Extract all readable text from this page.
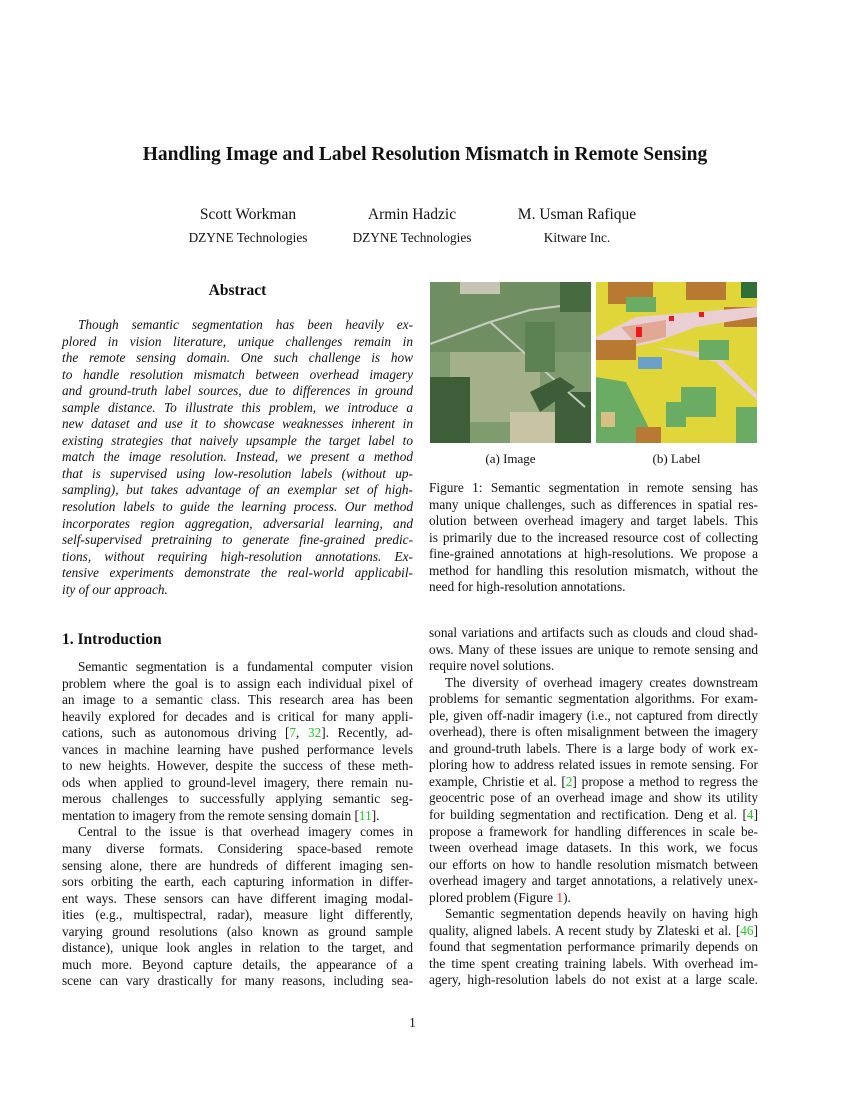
Handling Image and Label Resolution Mismatch in Remote Sensing
Scott Workman
DZYNE Technologies
Armin Hadzic
DZYNE Technologies
M. Usman Rafique
Kitware Inc.
Abstract
Though semantic segmentation has been heavily ex-
plored in vision literature, unique challenges remain in
the remote sensing domain. One such challenge is how
to handle resolution mismatch between overhead imagery
and ground-truth label sources, due to differences in ground
sample distance. To illustrate this problem, we introduce a
new dataset and use it to showcase weaknesses inherent in
existing strategies that naively upsample the target label to
match the image resolution. Instead, we present a method
that is supervised using low-resolution labels (without up-
sampling), but takes advantage of an exemplar set of high-
resolution labels to guide the learning process. Our method
incorporates region aggregation, adversarial learning, and
self-supervised pretraining to generate fine-grained predic-
tions, without requiring high-resolution annotations. Ex-
tensive experiments demonstrate the real-world applicabil-
ity of our approach.
(a) Image	(b) Label
Figure 1: Semantic segmentation in remote sensing has
many unique challenges, such as differences in spatial res-
olution between overhead imagery and target labels. This
is primarily due to the increased resource cost of collecting
fine-grained annotations at high-resolutions. We propose a
method for handling this resolution mismatch, without the
need for high-resolution annotations.
1. Introduction
Semantic segmentation is a fundamental computer vision
problem where the goal is to assign each individual pixel of
an image to a semantic class. This research area has been
heavily explored for decades and is critical for many appli-
cations, such as autonomous driving [7, 32]. Recently, ad-
vances in machine learning have pushed performance levels
to new heights. However, despite the success of these meth-
ods when applied to ground-level imagery, there remain nu-
merous challenges to successfully applying semantic seg-
mentation to imagery from the remote sensing domain [11].
Central to the issue is that overhead imagery comes in
many diverse formats. Considering space-based remote
sensing alone, there are hundreds of different imaging sen-
sors orbiting the earth, each capturing information in differ-
ent ways. These sensors can have different imaging modal-
ities (e.g., multispectral, radar), measure light differently,
varying ground resolutions (also known as ground sample
distance), unique look angles in relation to the target, and
much more. Beyond capture details, the appearance of a
scene can vary drastically for many reasons, including sea-
sonal variations and artifacts such as clouds and cloud shad-
ows. Many of these issues are unique to remote sensing and
require novel solutions.
The diversity of overhead imagery creates downstream
problems for semantic segmentation algorithms. For exam-
ple, given off-nadir imagery (i.e., not captured from directly
overhead), there is often misalignment between the imagery
and ground-truth labels. There is a large body of work ex-
ploring how to address related issues in remote sensing. For
example, Christie et al. [2] propose a method to regress the
geocentric pose of an overhead image and show its utility
for building segmentation and rectification. Deng et al. [4]
propose a framework for handling differences in scale be-
tween overhead image datasets. In this work, we focus
our efforts on how to handle resolution mismatch between
overhead imagery and target annotations, a relatively unex-
plored problem (Figure 1).
Semantic segmentation depends heavily on having high
quality, aligned labels. A recent study by Zlateski et al. [46]
found that segmentation performance primarily depends on
the time spent creating training labels. With overhead im-
agery, high-resolution labels do not exist at a large scale.
1
